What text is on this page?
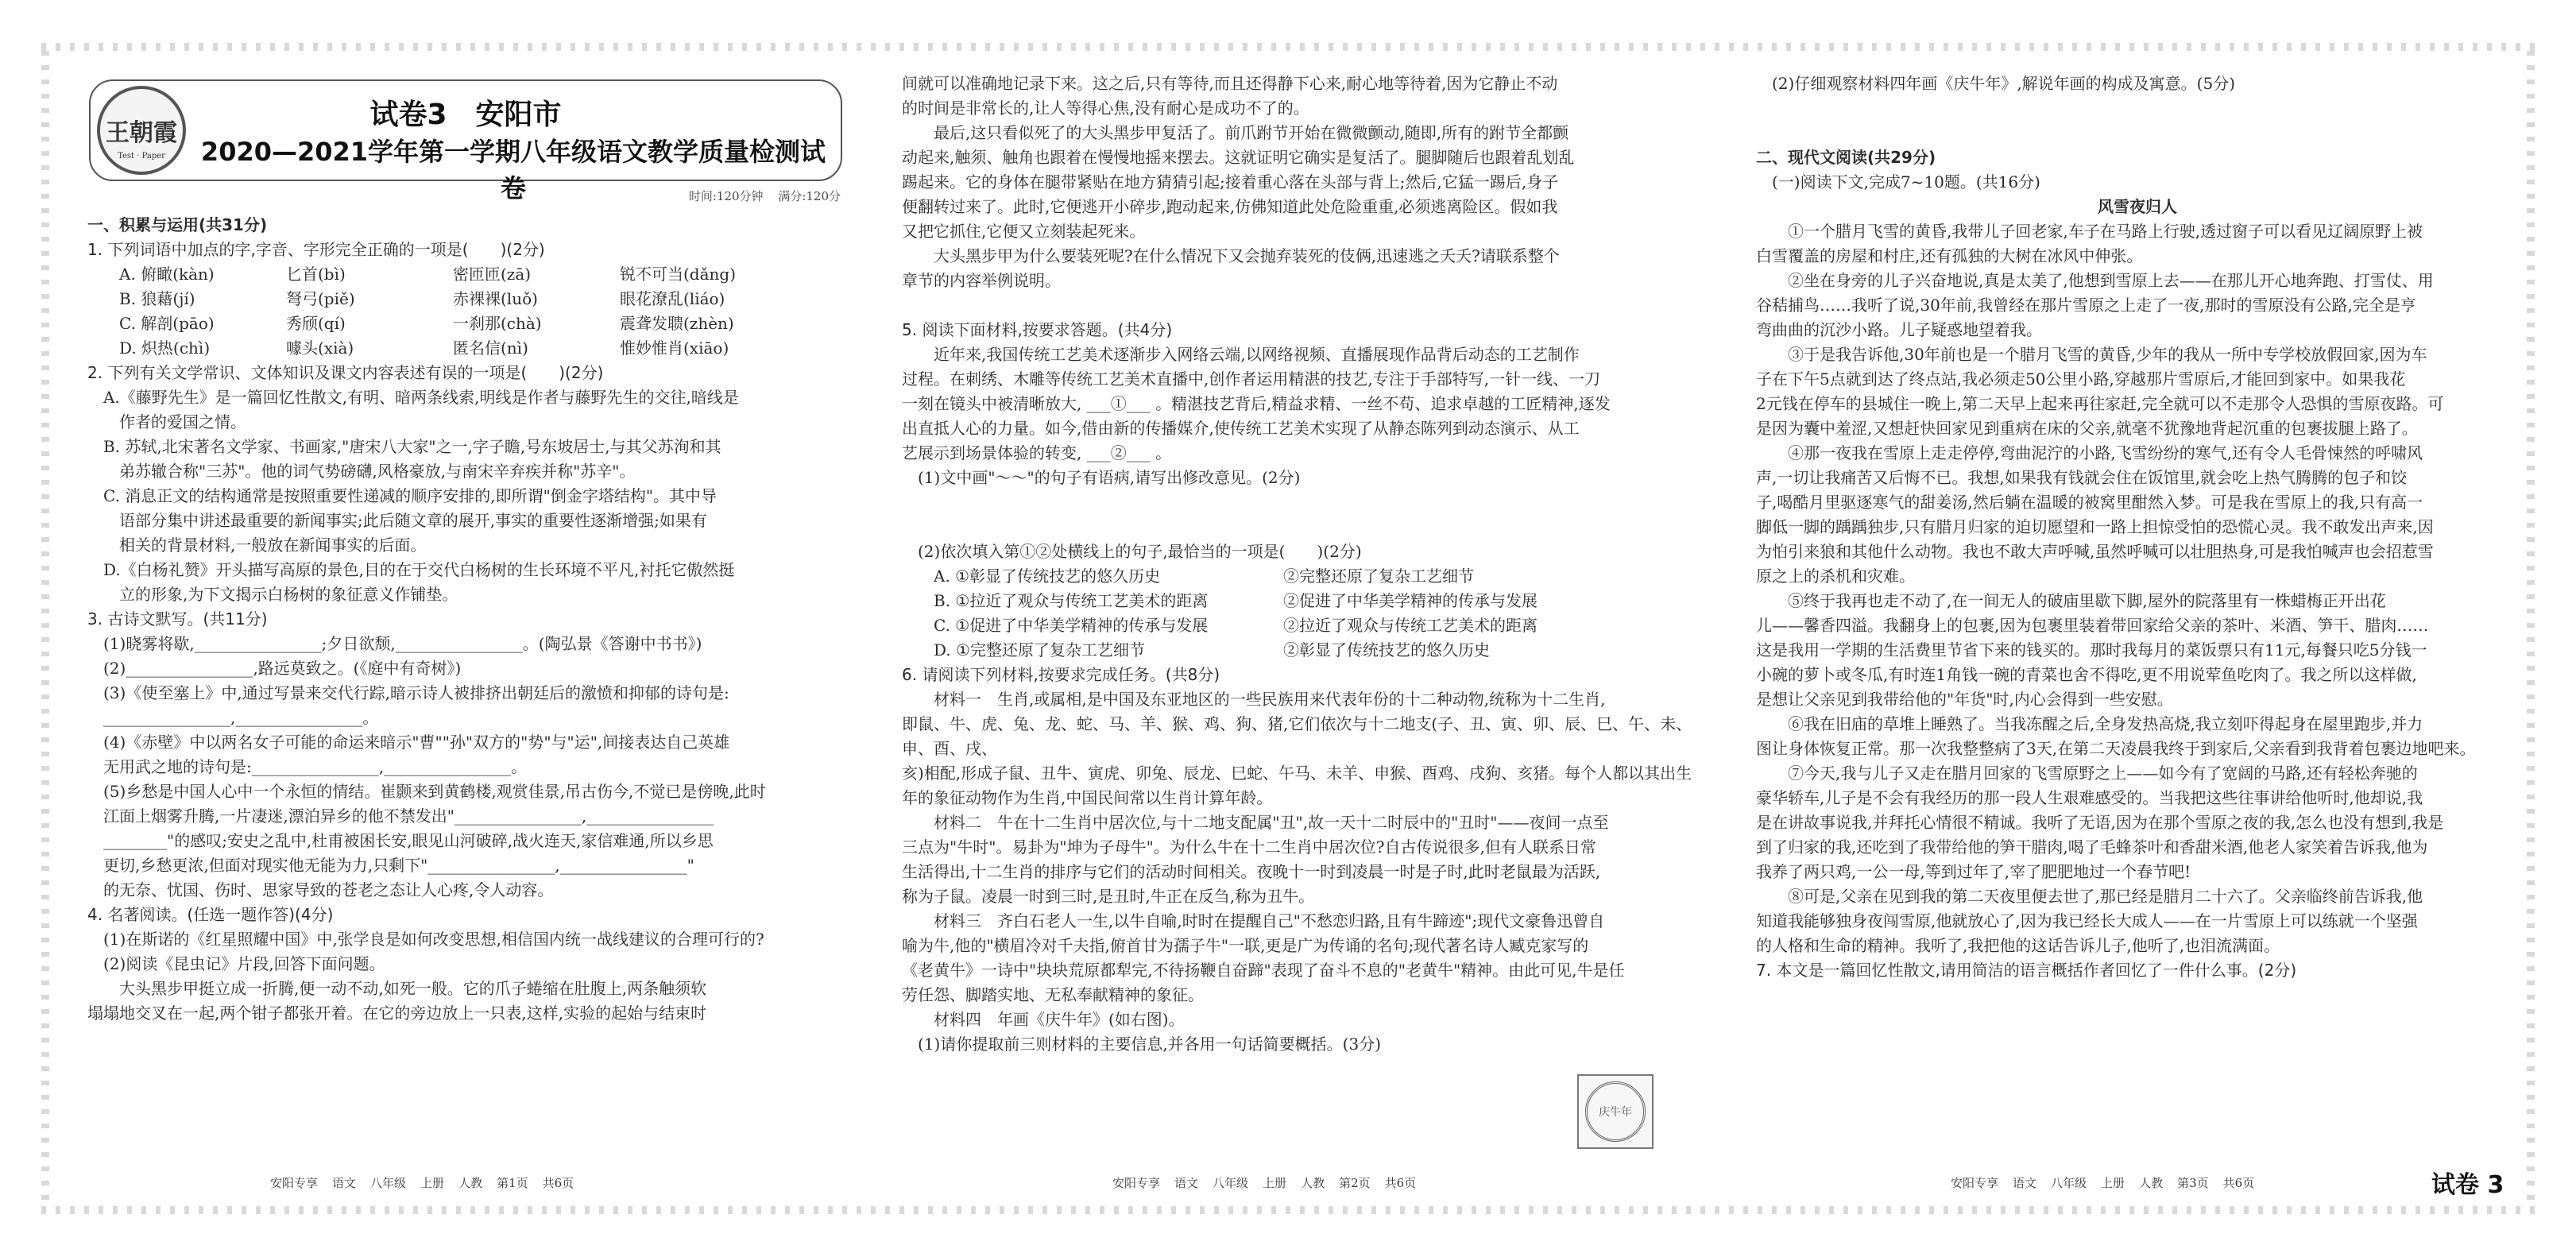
王朝霞
Test · Paper
试卷3　安阳市
2020—2021学年第一学期八年级语文教学质量检测试卷	时间:120分钟 满分:120分

一、积累与运用(共31分)

1. 下列词语中加点的字,字音、字形完全正确的一项是(　　)(2分)

A. 俯瞰(kàn)	匕首(bì)	密匝匝(zā)	锐不可当(dǎng)
B. 狼藉(jí)	弩弓(piě)	赤裸裸(luǒ)	眼花潦乱(liáo)
C. 解剖(pāo)	秀颀(qí)	一刹那(chà)	震聋发聩(zhèn)
D. 炽热(chì)	噱头(xià)	匿名信(nì)	惟妙惟肖(xiāo)

2. 下列有关文学常识、文体知识及课文内容表述有误的一项是(　　)(2分)

A.《藤野先生》是一篇回忆性散文,有明、暗两条线索,明线是作者与藤野先生的交往,暗线是

作者的爱国之情。

B. 苏轼,北宋著名文学家、书画家,"唐宋八大家"之一,字子瞻,号东坡居士,与其父苏洵和其

弟苏辙合称"三苏"。他的词气势磅礴,风格豪放,与南宋辛弃疾并称"苏辛"。

C. 消息正文的结构通常是按照重要性递减的顺序安排的,即所谓"倒金字塔结构"。其中导

语部分集中讲述最重要的新闻事实;此后随文章的展开,事实的重要性逐渐增强;如果有

相关的背景材料,一般放在新闻事实的后面。

D.《白杨礼赞》开头描写高原的景色,目的在于交代白杨树的生长环境不平凡,衬托它傲然挺

立的形象,为下文揭示白杨树的象征意义作铺垫。

3. 古诗文默写。(共11分)

(1)晓雾将歇,________________;夕日欲颓,________________。(陶弘景《答谢中书书》)

(2)________________,路远莫致之。(《庭中有奇树》)

(3)《使至塞上》中,通过写景来交代行踪,暗示诗人被排挤出朝廷后的激愤和抑郁的诗句是:

________________,________________。

(4)《赤壁》中以两名女子可能的命运来暗示"曹""孙"双方的"势"与"运",间接表达自己英雄

无用武之地的诗句是:________________,________________。

(5)乡愁是中国人心中一个永恒的情结。崔颢来到黄鹤楼,观赏佳景,吊古伤今,不觉已是傍晚,此时

江面上烟雾升腾,一片凄迷,漂泊异乡的他不禁发出"________________,________________

________"的感叹;安史之乱中,杜甫被困长安,眼见山河破碎,战火连天,家信难通,所以乡思

更切,乡愁更浓,但面对现实他无能为力,只剩下"________________,________________"

的无奈、忧国、伤时、思家导致的苍老之态让人心疼,令人动容。

4. 名著阅读。(任选一题作答)(4分)

(1)在斯诺的《红星照耀中国》中,张学良是如何改变思想,相信国内统一战线建议的合理可行的?

(2)阅读《昆虫记》片段,回答下面问题。

大头黑步甲挺立成一折腾,便一动不动,如死一般。它的爪子蜷缩在肚腹上,两条触须软

塌塌地交叉在一起,两个钳子都张开着。在它的旁边放上一只表,这样,实验的起始与结束时

间就可以准确地记录下来。这之后,只有等待,而且还得静下心来,耐心地等待着,因为它静止不动

的时间是非常长的,让人等得心焦,没有耐心是成功不了的。

最后,这只看似死了的大头黑步甲复活了。前爪跗节开始在微微颤动,随即,所有的跗节全都颤

动起来,触须、触角也跟着在慢慢地摇来摆去。这就证明它确实是复活了。腿脚随后也跟着乱划乱

踢起来。它的身体在腿带紧贴在地方猜猜引起;接着重心落在头部与背上;然后,它猛一踢后,身子

便翻转过来了。此时,它便逃开小碎步,跑动起来,仿佛知道此处危险重重,必须逃离险区。假如我

又把它抓住,它便又立刻装起死来。

大头黑步甲为什么要装死呢?在什么情况下又会抛弃装死的伎俩,迅速逃之夭夭?请联系整个

章节的内容举例说明。

5. 阅读下面材料,按要求答题。(共4分)

近年来,我国传统工艺美术逐渐步入网络云端,以网络视频、直播展现作品背后动态的工艺制作

过程。在刺绣、木雕等传统工艺美术直播中,创作者运用精湛的技艺,专注于手部特写,一针一线、一刀

一刻在镜头中被清晰放大, ___①___ 。精湛技艺背后,精益求精、一丝不苟、追求卓越的工匠精神,逐发

出直抵人心的力量。如今,借由新的传播媒介,使传统工艺美术实现了从静态陈列到动态演示、从工

艺展示到场景体验的转变, ___②___ 。

(1)文中画"～～"的句子有语病,请写出修改意见。(2分)

(2)依次填入第①②处横线上的句子,最恰当的一项是(　　)(2分)

A. ①彰显了传统技艺的悠久历史	②完整还原了复杂工艺细节
B. ①拉近了观众与传统工艺美术的距离	②促进了中华美学精神的传承与发展
C. ①促进了中华美学精神的传承与发展	②拉近了观众与传统工艺美术的距离
D. ①完整还原了复杂工艺细节	②彰显了传统技艺的悠久历史

6. 请阅读下列材料,按要求完成任务。(共8分)

材料一　生肖,或属相,是中国及东亚地区的一些民族用来代表年份的十二种动物,统称为十二生肖,

即鼠、牛、虎、兔、龙、蛇、马、羊、猴、鸡、狗、猪,它们依次与十二地支(子、丑、寅、卯、辰、巳、午、未、申、酉、戌、

亥)相配,形成子鼠、丑牛、寅虎、卯兔、辰龙、巳蛇、午马、未羊、申猴、酉鸡、戌狗、亥猪。每个人都以其出生

年的象征动物作为生肖,中国民间常以生肖计算年龄。

材料二　牛在十二生肖中居次位,与十二地支配属"丑",故一天十二时辰中的"丑时"——夜间一点至

三点为"牛时"。易卦为"坤为子母牛"。为什么牛在十二生肖中居次位?自古传说很多,但有人联系日常

生活得出,十二生肖的排序与它们的活动时间相关。夜晚十一时到凌晨一时是子时,此时老鼠最为活跃,

称为子鼠。凌晨一时到三时,是丑时,牛正在反刍,称为丑牛。

材料三　齐白石老人一生,以牛自喻,时时在提醒自己"不愁恋归路,且有牛蹄迹";现代文豪鲁迅曾自

喻为牛,他的"横眉冷对千夫指,俯首甘为孺子牛"一联,更是广为传诵的名句;现代著名诗人臧克家写的

《老黄牛》一诗中"块块荒原都犁完,不待扬鞭自奋蹄"表现了奋斗不息的"老黄牛"精神。由此可见,牛是任

劳任怨、脚踏实地、无私奉献精神的象征。

材料四　年画《庆牛年》(如右图)。

(1)请你提取前三则材料的主要信息,并各用一句话简要概括。(3分)

(2)仔细观察材料四年画《庆牛年》,解说年画的构成及寓意。(5分)

二、现代文阅读(共29分)

(一)阅读下文,完成7~10题。(共16分)

风雪夜归人

①一个腊月飞雪的黄昏,我带儿子回老家,车子在马路上行驶,透过窗子可以看见辽阔原野上被

白雪覆盖的房屋和村庄,还有孤独的大树在冰风中伸张。

②坐在身旁的儿子兴奋地说,真是太美了,他想到雪原上去——在那儿开心地奔跑、打雪仗、用

谷秸捕鸟……我听了说,30年前,我曾经在那片雪原之上走了一夜,那时的雪原没有公路,完全是亨

弯曲曲的沉沙小路。儿子疑惑地望着我。

③于是我告诉他,30年前也是一个腊月飞雪的黄昏,少年的我从一所中专学校放假回家,因为车

子在下午5点就到达了终点站,我必须走50公里小路,穿越那片雪原后,才能回到家中。如果我花

2元钱在停车的县城住一晚上,第二天早上起来再往家赶,完全就可以不走那令人恐惧的雪原夜路。可

是因为囊中羞涩,又想赶快回家见到重病在床的父亲,就毫不犹豫地背起沉重的包裹拔腿上路了。

④那一夜我在雪原上走走停停,弯曲泥泞的小路,飞雪纷纷的寒气,还有令人毛骨悚然的呼啸风

声,一切让我痛苦又后悔不已。我想,如果我有钱就会住在饭馆里,就会吃上热气腾腾的包子和饺

子,喝酷月里驱逐寒气的甜姜汤,然后躺在温暖的被窝里酣然入梦。可是我在雪原上的我,只有高一

脚低一脚的踽踽独步,只有腊月归家的迫切愿望和一路上担惊受怕的恐慌心灵。我不敢发出声来,因

为怕引来狼和其他什么动物。我也不敢大声呼喊,虽然呼喊可以壮胆热身,可是我怕喊声也会招惹雪

原之上的杀机和灾难。

⑤终于我再也走不动了,在一间无人的破庙里歇下脚,屋外的院落里有一株蜡梅正开出花

儿——馨香四溢。我翻身上的包裹,因为包裹里装着带回家给父亲的茶叶、米酒、笋干、腊肉……

这是我用一学期的生活费里节省下来的钱买的。那时我每月的菜饭票只有11元,每餐只吃5分钱一

小碗的萝卜或冬瓜,有时连1角钱一碗的青菜也舍不得吃,更不用说荤鱼吃肉了。我之所以这样做,

是想让父亲见到我带给他的"年货"时,内心会得到一些安慰。

⑥我在旧庙的草堆上睡熟了。当我冻醒之后,全身发热高烧,我立刻吓得起身在屋里跑步,并力

图让身体恢复正常。那一次我整整病了3天,在第二天凌晨我终于到家后,父亲看到我背着包裹边地吧来。

⑦今天,我与儿子又走在腊月回家的飞雪原野之上——如今有了宽阔的马路,还有轻松奔驰的

豪华轿车,儿子是不会有我经历的那一段人生艰难感受的。当我把这些往事讲给他听时,他却说,我

是在讲故事说我,并拜托心情很不精诚。我听了无语,因为在那个雪原之夜的我,怎么也没有想到,我是

到了归家的我,还吃到了我带给他的笋干腊肉,喝了毛蜂茶叶和香甜米酒,他老人家笑着告诉我,他为

我养了两只鸡,一公一母,等到过年了,宰了肥肥地过一个春节吧!

⑧可是,父亲在见到我的第二天夜里便去世了,那已经是腊月二十六了。父亲临终前告诉我,他

知道我能够独身夜闯雪原,他就放心了,因为我已经长大成人——在一片雪原上可以练就一个坚强

的人格和生命的精神。我听了,我把他的这话告诉儿子,他听了,也泪流满面。

7. 本文是一篇回忆性散文,请用简洁的语言概括作者回忆了一件什么事。(2分)

庆牛年
安阳专享 语文 八年级 上册 人教 第1页 共6页	安阳专享 语文 八年级 上册 人教 第2页 共6页	安阳专享 语文 八年级 上册 人教 第3页 共6页	试卷 3
